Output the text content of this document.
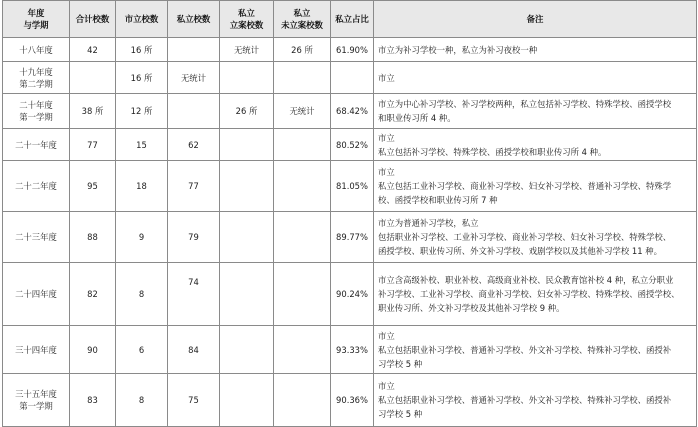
年度
与学期	合计校数	市立校数	私立校数	私立
立案校数	私立
未立案校数	私立占比	备注
十八年度	42	16 所		无统计	26 所	61.90%	市立为补习学校一种，私立为补习夜校一种
十九年度
第二学期		16 所	无统计				市立
二十年度
第一学期	38 所	12 所		26 所	无统计	68.42%	市立为中心补习学校、补习学校两种，私立包括补习学校、特殊学校、函授学校
和职业传习所 4 种。
二十一年度	77	15	62			80.52%	市立
私立包括补习学校、特殊学校、函授学校和职业传习所 4 种。
二十二年度	95	18	77			81.05%	市立
私立包括工业补习学校、商业补习学校、妇女补习学校、普通补习学校、特殊学
校、函授学校和职业传习所 7 种
二十三年度	88	9	79			89.77%	市立为普通补习学校，私立
包括职业补习学校、工业补习学校、商业补习学校、妇女补习学校、特殊学校、
函授学校、职业传习所、外文补习学校、戏剧学校以及其他补习学校 11 种。
二十四年度	82	8	74			90.24%	市立含高级补校、职业补校、高级商业补校、民众教育馆补校 4 种，私立分职业
补习学校、工业补习学校、商业补习学校、妇女补习学校、特殊学校、函授学校、
职业传习所、外文补习学校及其他补习学校 9 种。
三十四年度	90	6	84			93.33%	市立
私立包括职业补习学校、普通补习学校、外文补习学校、特殊补习学校、函授补
习学校 5 种
三十五年度
第一学期	83	8	75			90.36%	市立
私立包括职业补习学校、普通补习学校、外文补习学校、特殊补习学校、函授补
习学校 5 种
